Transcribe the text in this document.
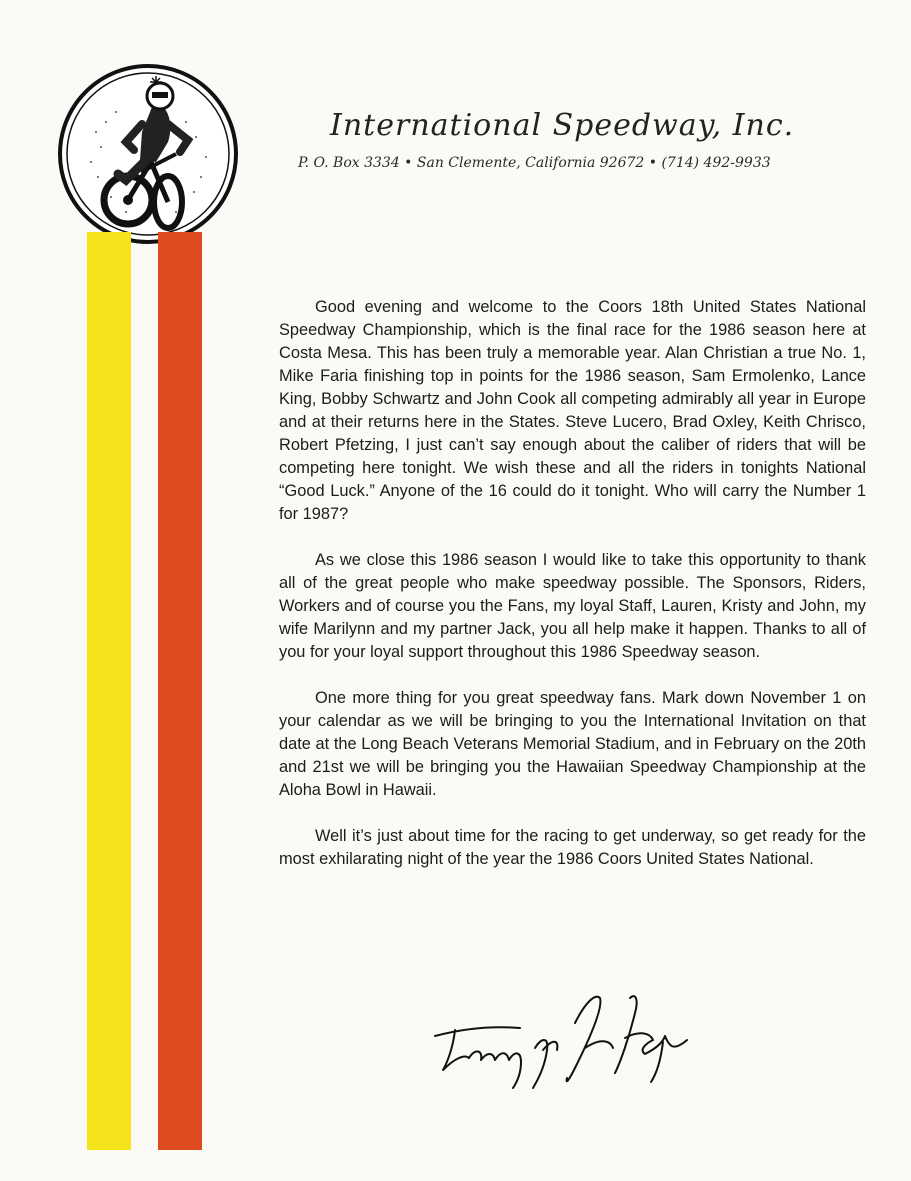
International Speedway, Inc.
P. O. Box 3334 • San Clemente, California 92672 • (714) 492-9933

Good evening and welcome to the Coors 18th United States National Speedway Championship, which is the final race for the 1986 season here at Costa Mesa. This has been truly a memorable year. Alan Christian a true No. 1, Mike Faria finishing top in points for the 1986 season, Sam Ermolenko, Lance King, Bobby Schwartz and John Cook all competing admirably all year in Europe and at their returns here in the States. Steve Lucero, Brad Oxley, Keith Chrisco, Robert Pfetzing, I just can’t say enough about the caliber of riders that will be competing here tonight. We wish these and all the riders in tonights National “Good Luck.” Anyone of the 16 could do it tonight. Who will carry the Number 1 for 1987?

As we close this 1986 season I would like to take this opportunity to thank all of the great people who make speedway possible. The Sponsors, Riders, Workers and of course you the Fans, my loyal Staff, Lauren, Kristy and John, my wife Marilynn and my partner Jack, you all help make it happen. Thanks to all of you for your loyal support throughout this 1986 Speedway season.

One more thing for you great speedway fans. Mark down November 1 on your calendar as we will be bringing to you the International Invitation on that date at the Long Beach Veterans Memorial Stadium, and in February on the 20th and 21st we will be bringing you the Hawaiian Speedway Championship at the Aloha Bowl in Hawaii.

Well it’s just about time for the racing to get underway, so get ready for the most exhilarating night of the year the 1986 Coors United States National.
